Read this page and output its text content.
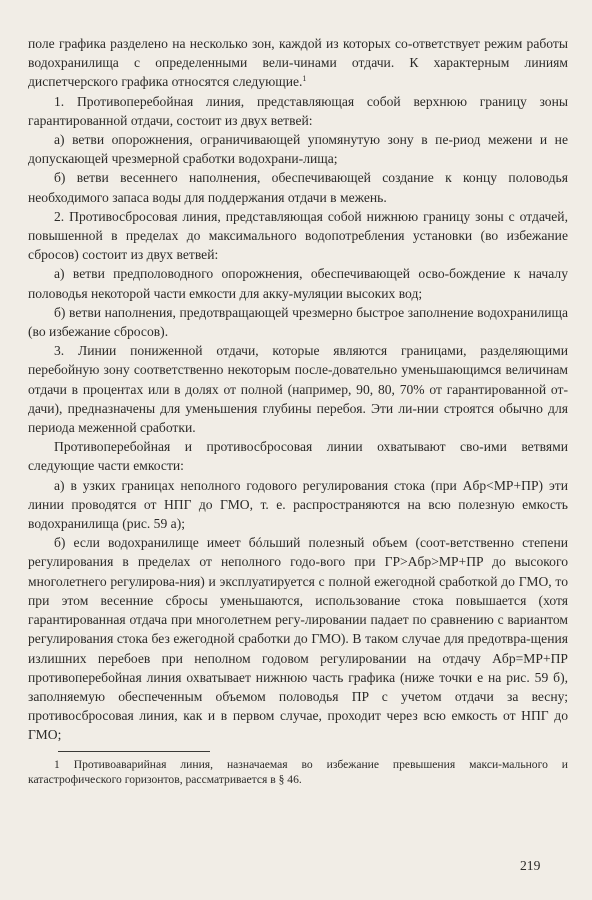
поле графика разделено на несколько зон, каждой из которых со-ответствует режим работы водохранилища с определенными вели-чинами отдачи. К характерным линиям диспетчерского графика относятся следующие.$^1$

1. Противоперебойная линия, представляющая собой верхнюю границу зоны гарантированной отдачи, состоит из двух ветвей:

а) ветви опорожнения, ограничивающей упомянутую зону в пе-риод межени и не допускающей чрезмерной сработки водохрани-лища;

б) ветви весеннего наполнения, обеспечивающей создание к концу половодья необходимого запаса воды для поддержания отдачи в межень.

2. Противосбросовая линия, представляющая собой нижнюю границу зоны с отдачей, повышенной в пределах до максимального водопотребления установки (во избежание сбросов) состоит из двух ветвей:

а) ветви предполоводного опорожнения, обеспечивающей осво-бождение к началу половодья некоторой части емкости для акку-муляции высоких вод;

б) ветви наполнения, предотвращающей чрезмерно быстрое заполнение водохранилища (во избежание сбросов).

3. Линии пониженной отдачи, которые являются границами, разделяющими перебойную зону соответственно некоторым после-довательно уменьшающимся величинам отдачи в процентах или в долях от полной (например, 90, 80, 70% от гарантированной от-дачи), предназначены для уменьшения глубины перебоя. Эти ли-нии строятся обычно для периода меженной сработки.

Противоперебойная и противосбросовая линии охватывают сво-ими ветвями следующие части емкости:

а) в узких границах неполного годового регулирования стока (при Aбр<MP+ПP) эти линии проводятся от НПГ до ГМО, т. е. распространяются на всю полезную емкость водохранилища (рис. 59 а);

б) если водохранилище имеет бóльший полезный объем (соот-ветственно степени регулирования в пределах от неполного годо-вого при ГP>Aбр>MP+ПP до высокого многолетнего регулирова-ния) и эксплуатируется с полной ежегодной сработкой до ГМО, то при этом весенние сбросы уменьшаются, использование стока повышается (хотя гарантированная отдача при многолетнем регу-лировании падает по сравнению с вариантом регулирования стока без ежегодной сработки до ГМО). В таком случае для предотвра-щения излишних перебоев при неполном годовом регулировании на отдачу Aбр=MP+ПP противоперебойная линия охватывает нижнюю часть графика (ниже точки е на рис. 59 б), заполняемую обеспеченным объемом половодья ПP с учетом отдачи за весну; противосбросовая линия, как и в первом случае, проходит через всю емкость от НПГ до ГМО;

1 Противоаварийная линия, назначаемая во избежание превышения макси-мального и катастрофического горизонтов, рассматривается в § 46.

219
